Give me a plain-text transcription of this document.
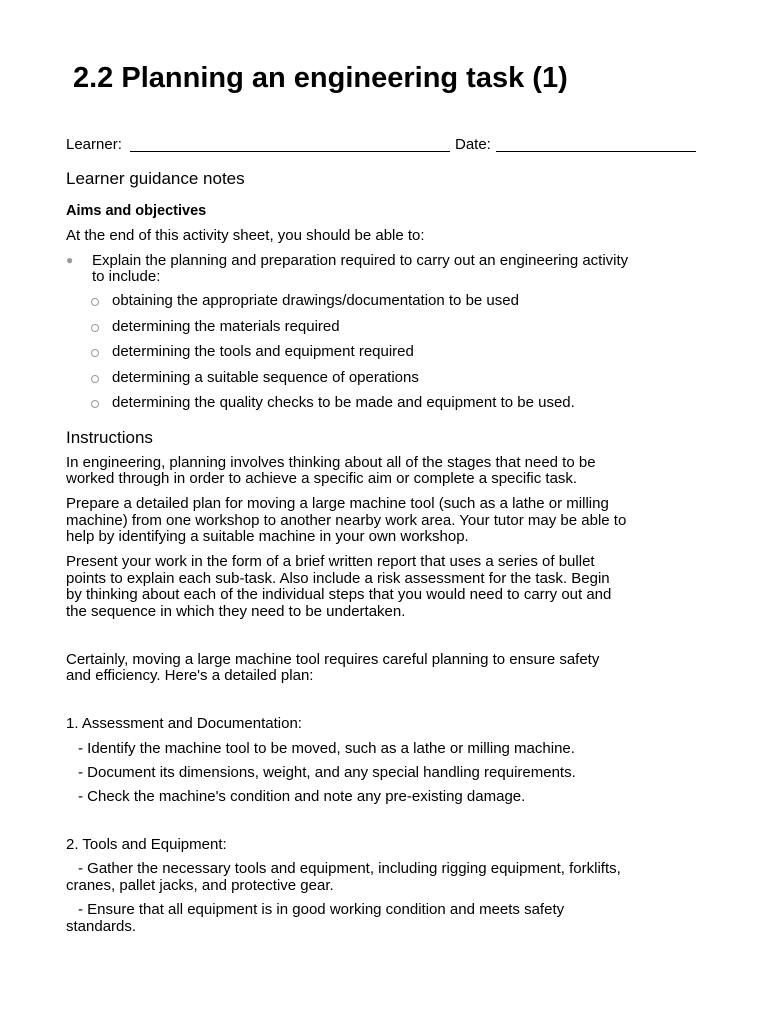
2.2 Planning an engineering task (1)
Learner:	Date:
Learner guidance notes
Aims and objectives
At the end of this activity sheet, you should be able to:
● Explain the planning and preparation required to carry out an engineering activity
to include:
obtaining the appropriate drawings/documentation to be used
determining the materials required
determining the tools and equipment required
determining a suitable sequence of operations
determining the quality checks to be made and equipment to be used.
Instructions
In engineering, planning involves thinking about all of the stages that need to be
worked through in order to achieve a specific aim or complete a specific task.
Prepare a detailed plan for moving a large machine tool (such as a lathe or milling
machine) from one workshop to another nearby work area. Your tutor may be able to
help by identifying a suitable machine in your own workshop.
Present your work in the form of a brief written report that uses a series of bullet
points to explain each sub-task. Also include a risk assessment for the task. Begin
by thinking about each of the individual steps that you would need to carry out and
the sequence in which they need to be undertaken.
Certainly, moving a large machine tool requires careful planning to ensure safety
and efficiency. Here's a detailed plan:
1. Assessment and Documentation:
- Identify the machine tool to be moved, such as a lathe or milling machine.
- Document its dimensions, weight, and any special handling requirements.
- Check the machine's condition and note any pre-existing damage.
2. Tools and Equipment:
- Gather the necessary tools and equipment, including rigging equipment, forklifts,
cranes, pallet jacks, and protective gear.
- Ensure that all equipment is in good working condition and meets safety
standards.
